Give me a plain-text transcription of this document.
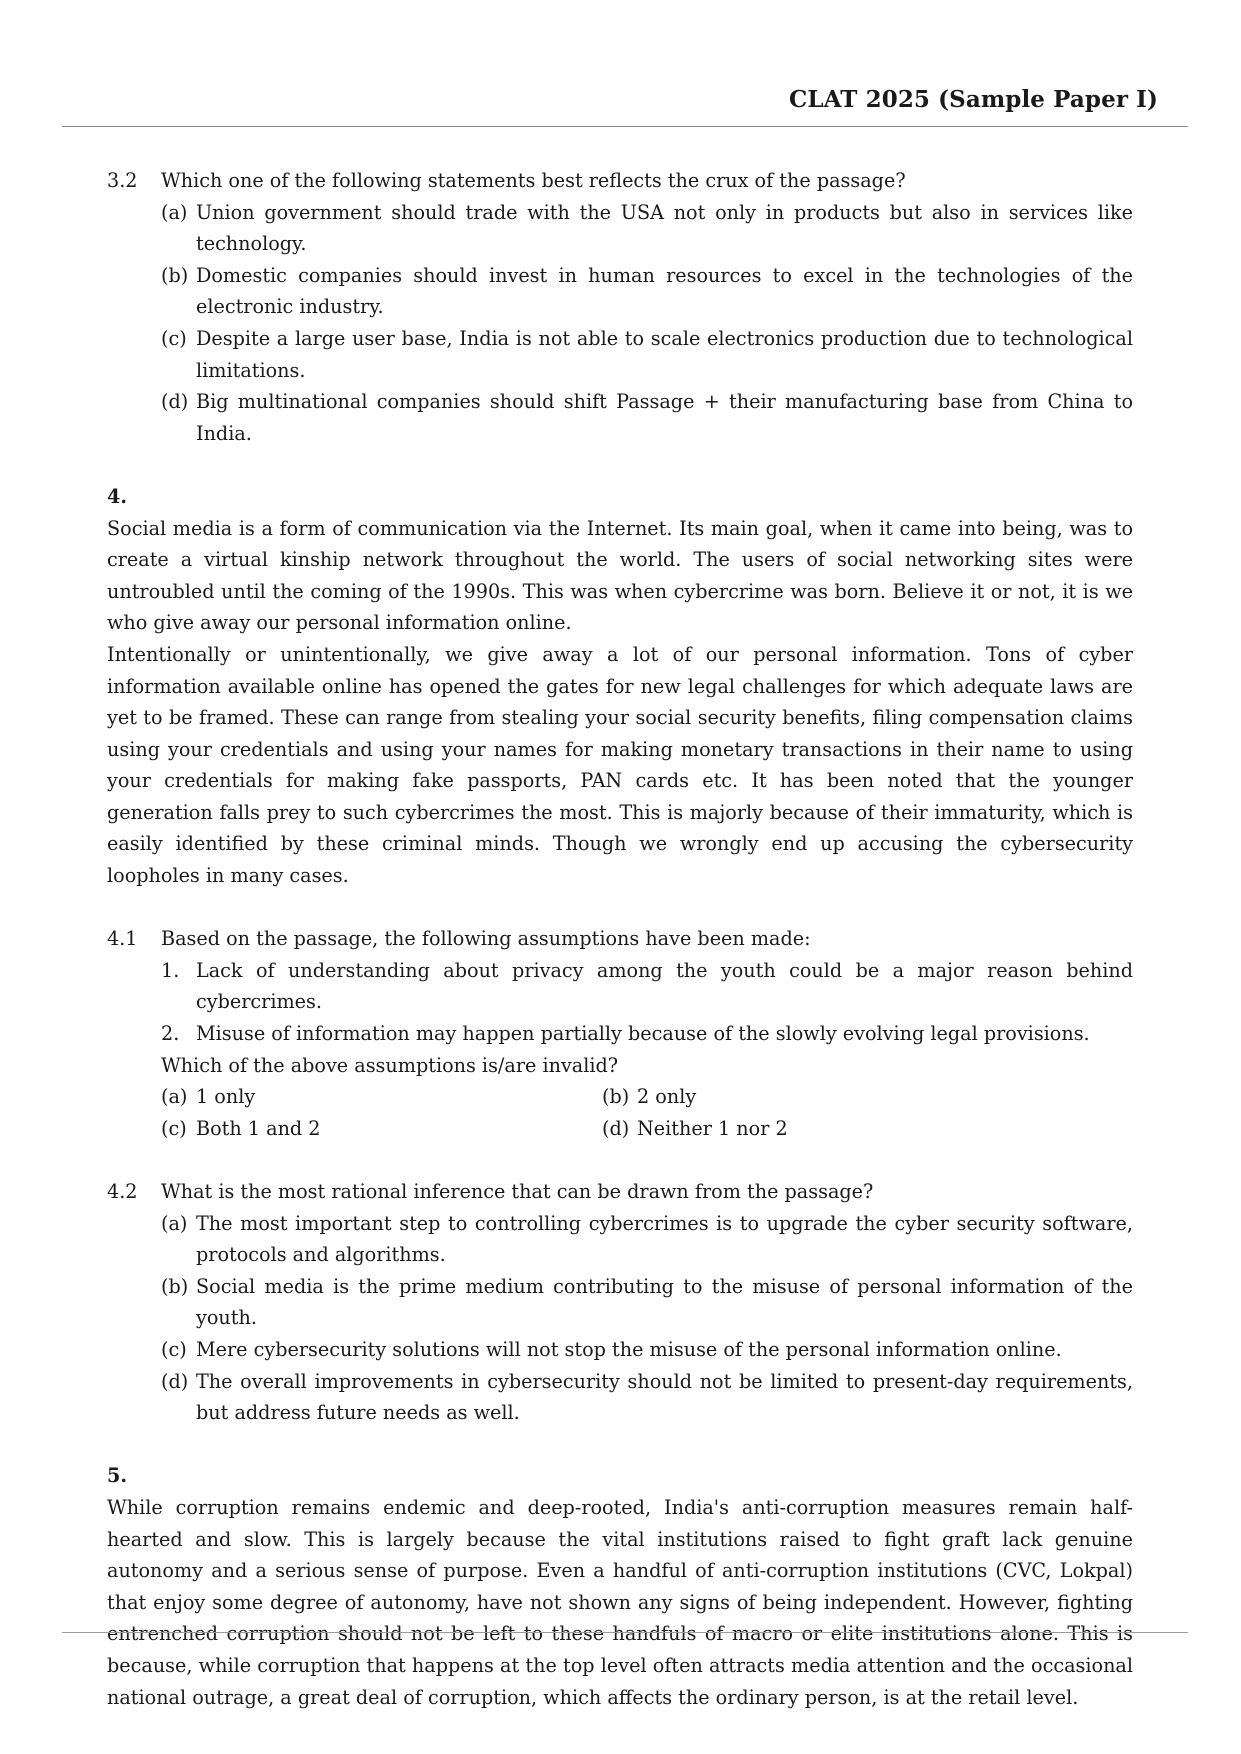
CLAT 2025 (Sample Paper I)
3.2	Which one of the following statements best reflects the crux of the passage?
(a) Union government should trade with the USA not only in products but also in services like technology.
(b) Domestic companies should invest in human resources to excel in the technologies of the electronic industry.
(c) Despite a large user base, India is not able to scale electronics production due to technological limitations.
(d) Big multinational companies should shift Passage + their manufacturing base from China to India.
4.
Social media is a form of communication via the Internet. Its main goal, when it came into being, was to create a virtual kinship network throughout the world. The users of social networking sites were untroubled until the coming of the 1990s. This was when cybercrime was born. Believe it or not, it is we who give away our personal information online.
Intentionally or unintentionally, we give away a lot of our personal information. Tons of cyber information available online has opened the gates for new legal challenges for which adequate laws are yet to be framed. These can range from stealing your social security benefits, filing compensation claims using your credentials and using your names for making monetary transactions in their name to using your credentials for making fake passports, PAN cards etc. It has been noted that the younger generation falls prey to such cybercrimes the most. This is majorly because of their immaturity, which is easily identified by these criminal minds. Though we wrongly end up accusing the cybersecurity loopholes in many cases.
4.1	Based on the passage, the following assumptions have been made:
1. Lack of understanding about privacy among the youth could be a major reason behind cybercrimes.
2. Misuse of information may happen partially because of the slowly evolving legal provisions.
Which of the above assumptions is/are invalid?
(a) 1 only	(b) 2 only
(c) Both 1 and 2	(d) Neither 1 nor 2
4.2	What is the most rational inference that can be drawn from the passage?
(a) The most important step to controlling cybercrimes is to upgrade the cyber security software, protocols and algorithms.
(b) Social media is the prime medium contributing to the misuse of personal information of the youth.
(c) Mere cybersecurity solutions will not stop the misuse of the personal information online.
(d) The overall improvements in cybersecurity should not be limited to present-day requirements, but address future needs as well.
5.
While corruption remains endemic and deep-rooted, India's anti-corruption measures remain half-hearted and slow. This is largely because the vital institutions raised to fight graft lack genuine autonomy and a serious sense of purpose. Even a handful of anti-corruption institutions (CVC, Lokpal) that enjoy some degree of autonomy, have not shown any signs of being independent. However, fighting entrenched corruption should not be left to these handfuls of macro or elite institutions alone. This is because, while corruption that happens at the top level often attracts media attention and the occasional national outrage, a great deal of corruption, which affects the ordinary person, is at the retail level.
